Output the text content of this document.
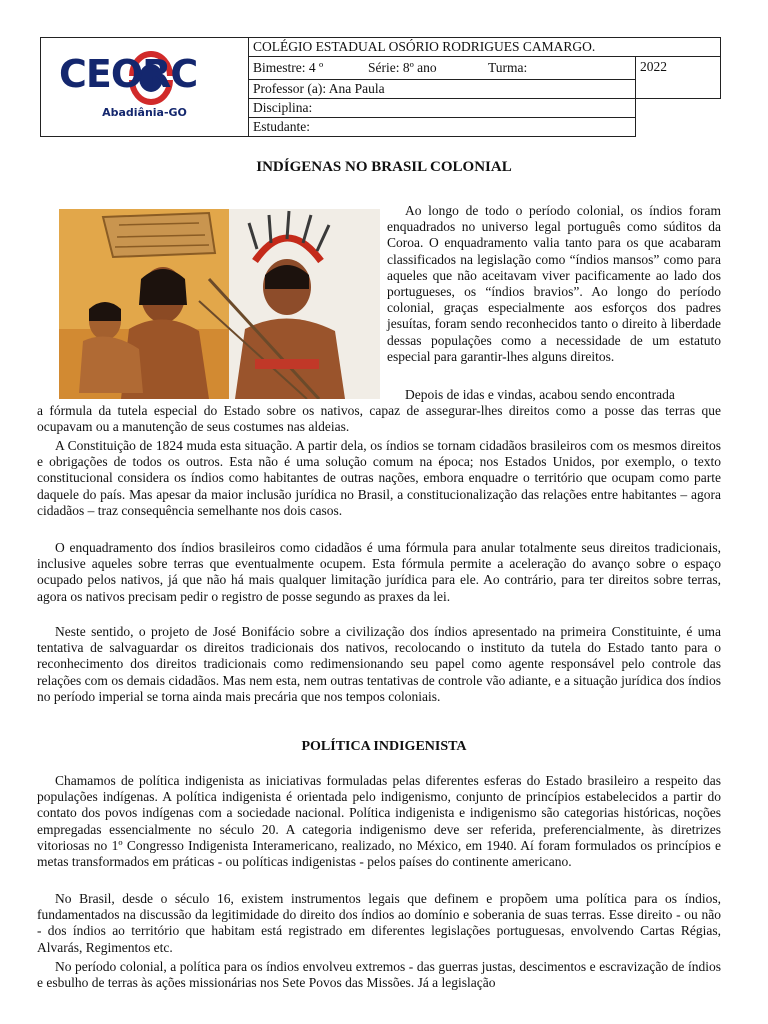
CEORC
Abadiânia-GO	COLÉGIO ESTADUAL OSÓRIO RODRIGUES CAMARGO.	
	Bimestre: 4 º Série: 8º ano Turma:	2022
	Professor (a): Ana Paula	
	Disciplina:	
	Estudante:	
INDÍGENAS NO BRASIL COLONIAL

Ao longo de todo o período colonial, os índios foram enquadrados no universo legal português como súditos da Coroa. O enquadramento valia tanto para os que acabaram classificados na legislação como “índios mansos” como para aqueles que não aceitavam viver pacificamente ao lado dos portugueses, os “índios bravios”. Ao longo do período colonial, graças especialmente aos esforços dos padres jesuítas, foram sendo reconhecidos tanto o direito à liberdade dessas populações como a necessidade de um estatuto especial para garantir-lhes alguns direitos.

Depois de idas e vindas, acabou sendo encontrada

a fórmula da tutela especial do Estado sobre os nativos, capaz de assegurar-lhes direitos como a posse das terras que ocupavam ou a manutenção de seus costumes nas aldeias.

A Constituição de 1824 muda esta situação. A partir dela, os índios se tornam cidadãos brasileiros com os mesmos direitos e obrigações de todos os outros. Esta não é uma solução comum na época; nos Estados Unidos, por exemplo, o texto constitucional considera os índios como habitantes de outras nações, embora enquadre o território que ocupam como parte daquele do país. Mas apesar da maior inclusão jurídica no Brasil, a constitucionalização das relações entre habitantes – agora cidadãos – traz consequência semelhante nos dois casos.

O enquadramento dos índios brasileiros como cidadãos é uma fórmula para anular totalmente seus direitos tradicionais, inclusive aqueles sobre terras que eventualmente ocupem. Esta fórmula permite a aceleração do avanço sobre o espaço ocupado pelos nativos, já que não há mais qualquer limitação jurídica para ele. Ao contrário, para ter direitos sobre terras, agora os nativos precisam pedir o registro de posse segundo as praxes da lei.

Neste sentido, o projeto de José Bonifácio sobre a civilização dos índios apresentado na primeira Constituinte, é uma tentativa de salvaguardar os direitos tradicionais dos nativos, recolocando o instituto da tutela do Estado tanto para o reconhecimento dos direitos tradicionais como redimensionando seu papel como agente responsável pelo controle das relações com os demais cidadãos. Mas nem esta, nem outras tentativas de controle vão adiante, e a situação jurídica dos índios no período imperial se torna ainda mais precária que nos tempos coloniais.

POLÍTICA INDIGENISTA

Chamamos de política indigenista as iniciativas formuladas pelas diferentes esferas do Estado brasileiro a respeito das populações indígenas. A política indigenista é orientada pelo indigenismo, conjunto de princípios estabelecidos a partir do contato dos povos indígenas com a sociedade nacional. Política indigenista e indigenismo são categorias históricas, noções empregadas essencialmente no século 20. A categoria indigenismo deve ser referida, preferencialmente, às diretrizes vitoriosas no 1º Congresso Indigenista Interamericano, realizado, no México, em 1940. Aí foram formulados os princípios e metas transformados em práticas - ou políticas indigenistas - pelos países do continente americano.

No Brasil, desde o século 16, existem instrumentos legais que definem e propõem uma política para os índios, fundamentados na discussão da legitimidade do direito dos índios ao domínio e soberania de suas terras. Esse direito - ou não - dos índios ao território que habitam está registrado em diferentes legislações portuguesas, envolvendo Cartas Régias, Alvarás, Regimentos etc.

No período colonial, a política para os índios envolveu extremos - das guerras justas, descimentos e escravização de índios e esbulho de terras às ações missionárias nos Sete Povos das Missões. Já a legislação
